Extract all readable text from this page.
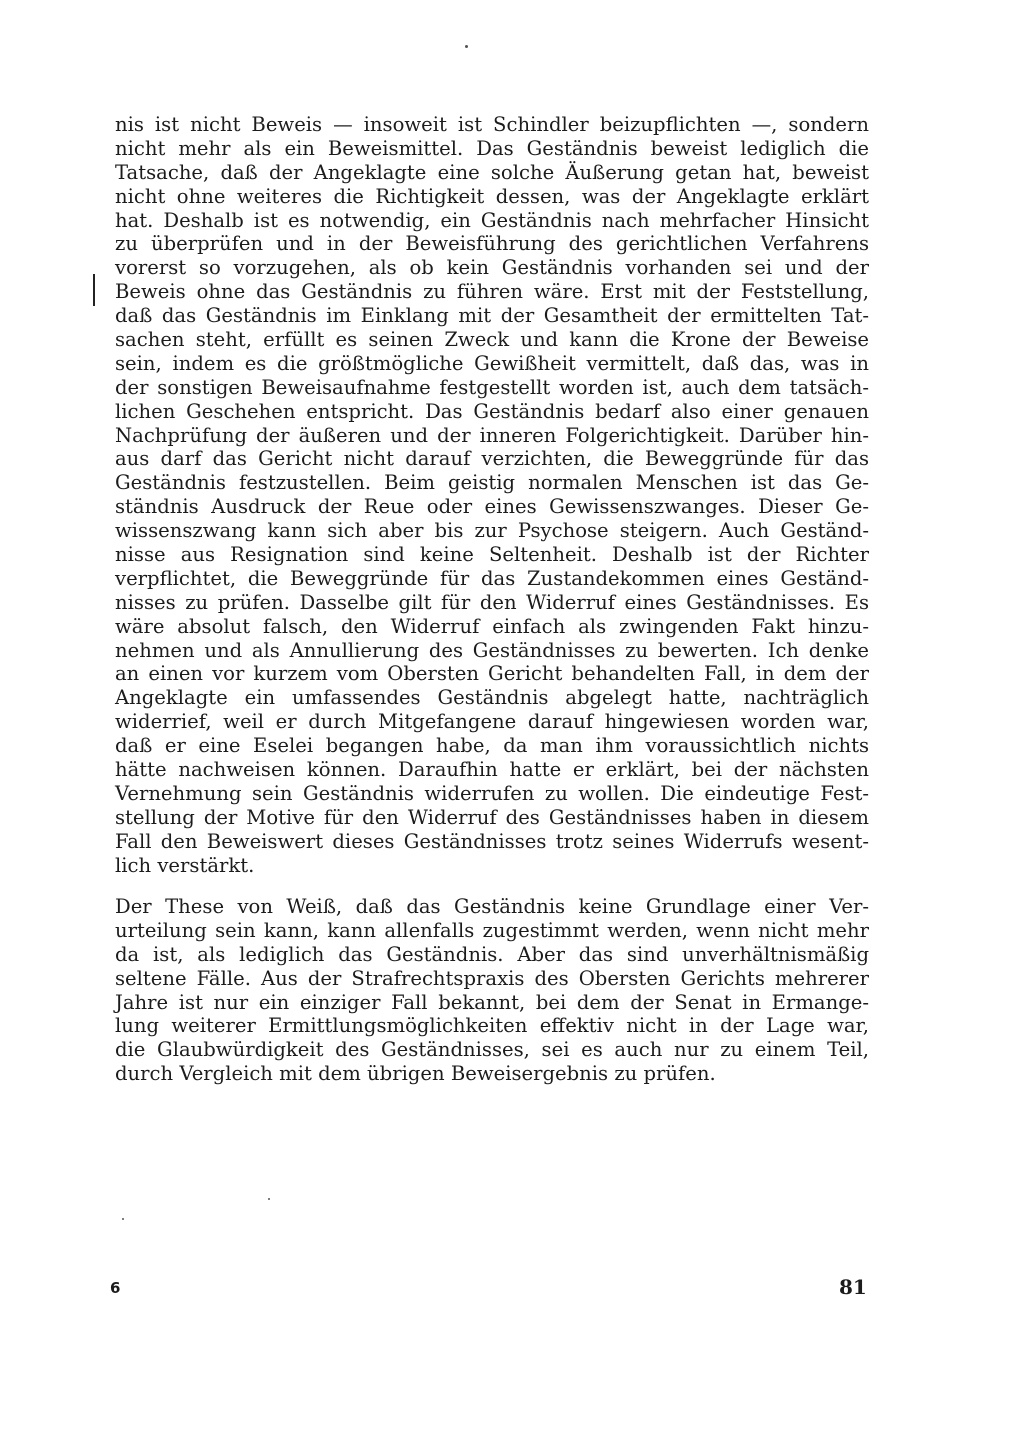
nis ist nicht Beweis — insoweit ist Schindler beizupflichten —, sondern
nicht mehr als ein Beweismittel. Das Geständnis beweist lediglich die
Tatsache, daß der Angeklagte eine solche Äußerung getan hat, beweist
nicht ohne weiteres die Richtigkeit dessen, was der Angeklagte erklärt
hat. Deshalb ist es notwendig, ein Geständnis nach mehrfacher Hinsicht
zu überprüfen und in der Beweisführung des gerichtlichen Verfahrens
vorerst so vorzugehen, als ob kein Geständnis vorhanden sei und der
Beweis ohne das Geständnis zu führen wäre. Erst mit der Feststellung,
daß das Geständnis im Einklang mit der Gesamtheit der ermittelten Tat-
sachen steht, erfüllt es seinen Zweck und kann die Krone der Beweise
sein, indem es die größtmögliche Gewißheit vermittelt, daß das, was in
der sonstigen Beweisaufnahme festgestellt worden ist, auch dem tatsäch-
lichen Geschehen entspricht. Das Geständnis bedarf also einer genauen
Nachprüfung der äußeren und der inneren Folgerichtigkeit. Darüber hin-
aus darf das Gericht nicht darauf verzichten, die Beweggründe für das
Geständnis festzustellen. Beim geistig normalen Menschen ist das Ge-
ständnis Ausdruck der Reue oder eines Gewissenszwanges. Dieser Ge-
wissenszwang kann sich aber bis zur Psychose steigern. Auch Geständ-
nisse aus Resignation sind keine Seltenheit. Deshalb ist der Richter
verpflichtet, die Beweggründe für das Zustandekommen eines Geständ-
nisses zu prüfen. Dasselbe gilt für den Widerruf eines Geständnisses. Es
wäre absolut falsch, den Widerruf einfach als zwingenden Fakt hinzu-
nehmen und als Annullierung des Geständnisses zu bewerten. Ich denke
an einen vor kurzem vom Obersten Gericht behandelten Fall, in dem der
Angeklagte ein umfassendes Geständnis abgelegt hatte, nachträglich
widerrief, weil er durch Mitgefangene darauf hingewiesen worden war,
daß er eine Eselei begangen habe, da man ihm voraussichtlich nichts
hätte nachweisen können. Daraufhin hatte er erklärt, bei der nächsten
Vernehmung sein Geständnis widerrufen zu wollen. Die eindeutige Fest-
stellung der Motive für den Widerruf des Geständnisses haben in diesem
Fall den Beweiswert dieses Geständnisses trotz seines Widerrufs wesent-
lich verstärkt.
Der These von Weiß, daß das Geständnis keine Grundlage einer Ver-
urteilung sein kann, kann allenfalls zugestimmt werden, wenn nicht mehr
da ist, als lediglich das Geständnis. Aber das sind unverhältnismäßig
seltene Fälle. Aus der Strafrechtspraxis des Obersten Gerichts mehrerer
Jahre ist nur ein einziger Fall bekannt, bei dem der Senat in Ermange-
lung weiterer Ermittlungsmöglichkeiten effektiv nicht in der Lage war,
die Glaubwürdigkeit des Geständnisses, sei es auch nur zu einem Teil,
durch Vergleich mit dem übrigen Beweisergebnis zu prüfen.
6	81
